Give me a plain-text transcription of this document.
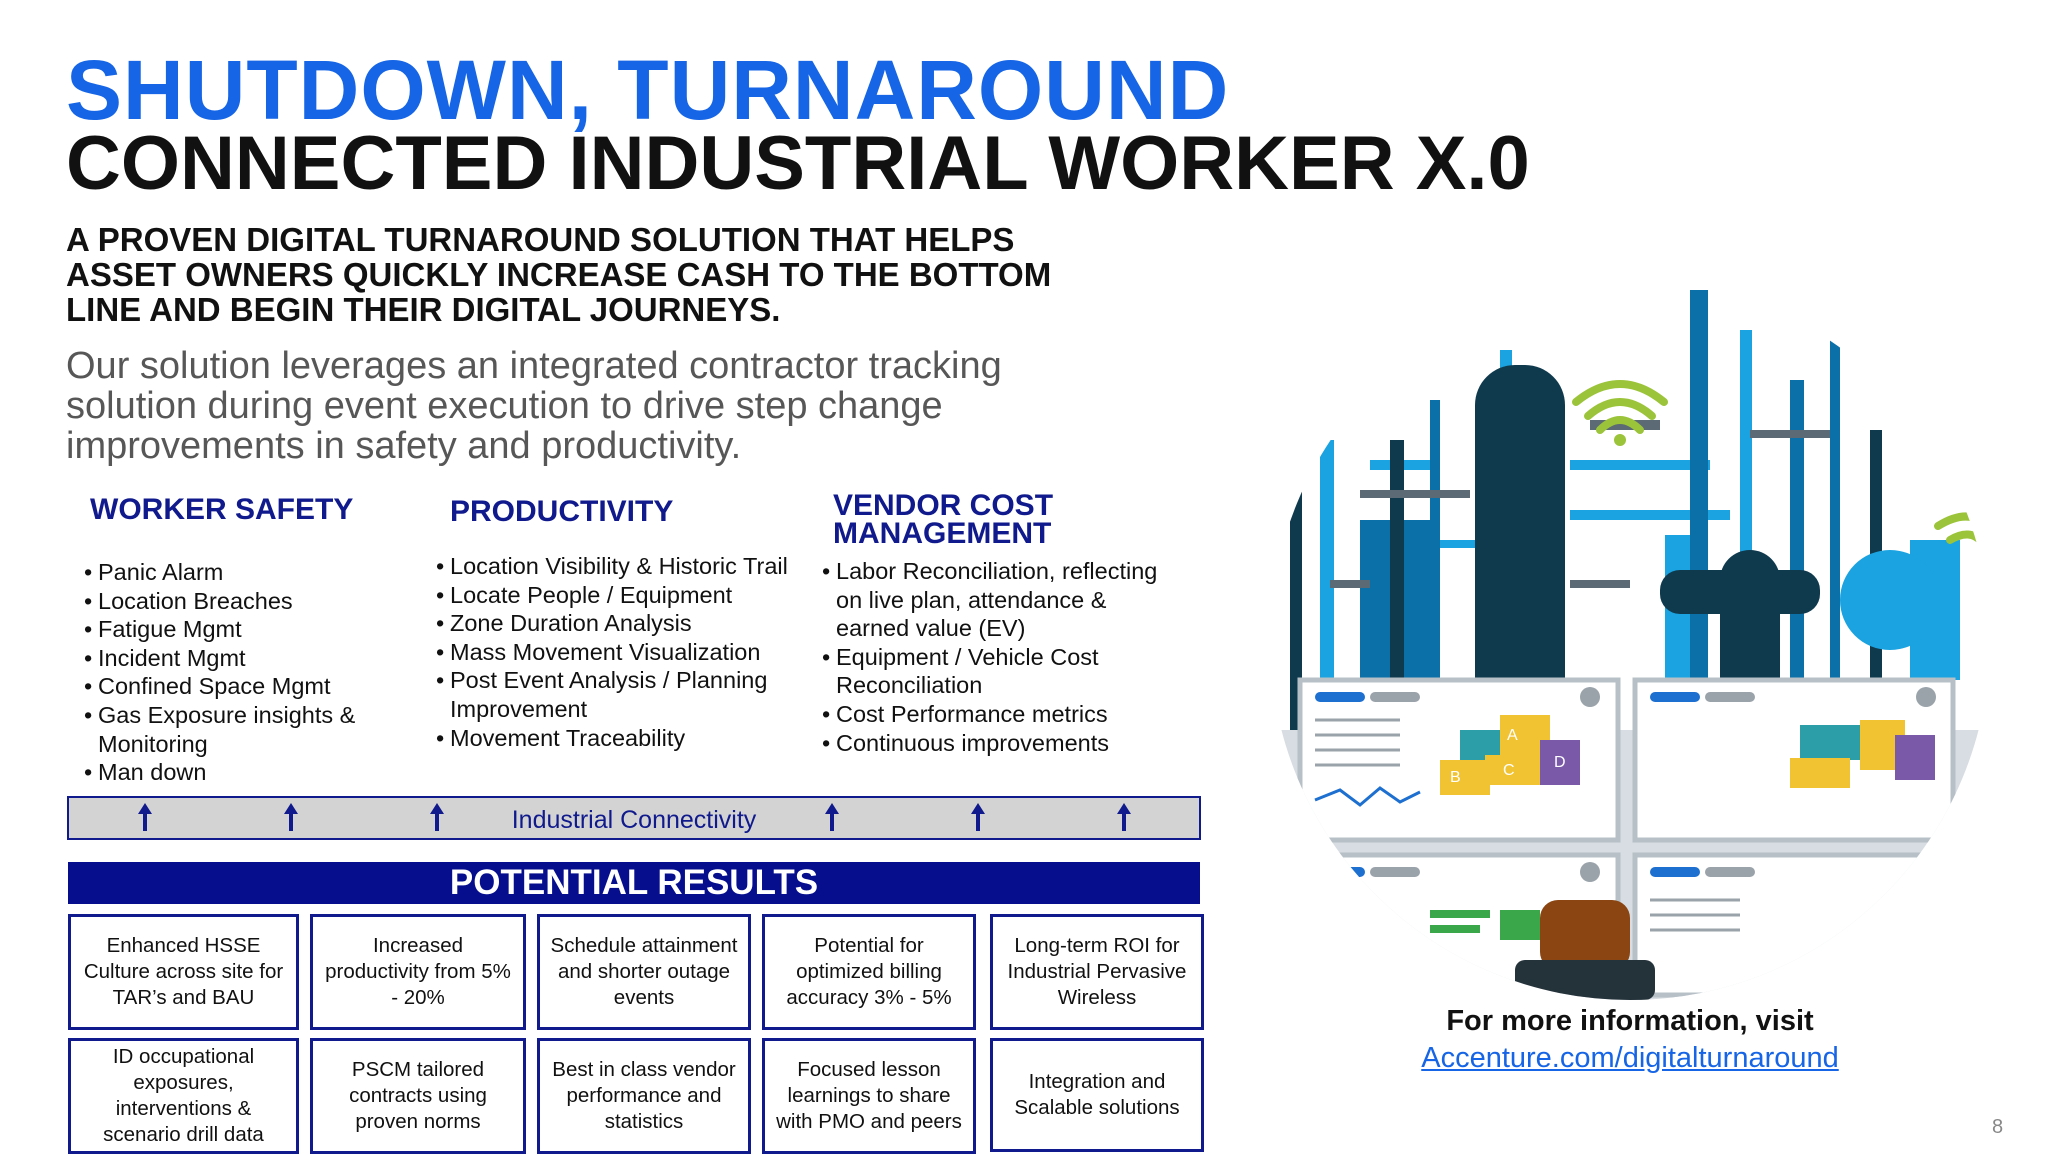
SHUTDOWN, TURNAROUND
CONNECTED INDUSTRIAL WORKER X.0
A PROVEN DIGITAL TURNAROUND SOLUTION THAT HELPS ASSET OWNERS QUICKLY INCREASE CASH TO THE BOTTOM LINE AND BEGIN THEIR DIGITAL JOURNEYS.
Our solution leverages an integrated contractor tracking solution during event execution to drive step change improvements in safety and productivity.
WORKER SAFETY
• Panic Alarm
• Location Breaches
• Fatigue Mgmt
• Incident Mgmt
• Confined Space Mgmt
• Gas Exposure insights & Monitoring
• Man down
PRODUCTIVITY
• Location Visibility & Historic Trail
• Locate People / Equipment
• Zone Duration Analysis
• Mass Movement Visualization
• Post Event Analysis / Planning Improvement
• Movement Traceability
VENDOR COST MANAGEMENT
• Labor Reconciliation, reflecting on live plan, attendance & earned value (EV)
• Equipment / Vehicle Cost Reconciliation
• Cost Performance metrics
• Continuous improvements
Industrial Connectivity
POTENTIAL RESULTS
Enhanced HSSE Culture across site for TAR’s and BAU
Increased productivity from 5% - 20%
Schedule attainment and shorter outage events
Potential for optimized billing accuracy 3% - 5%
Long-term ROI for Industrial Pervasive Wireless
ID occupational exposures, interventions & scenario drill data
PSCM tailored contracts using proven norms
Best in class vendor performance and statistics
Focused lesson learnings to share with PMO and peers
Integration and Scalable solutions
A
B	C D
For more information, visit
Accenture.com/digitalturnaround
8
